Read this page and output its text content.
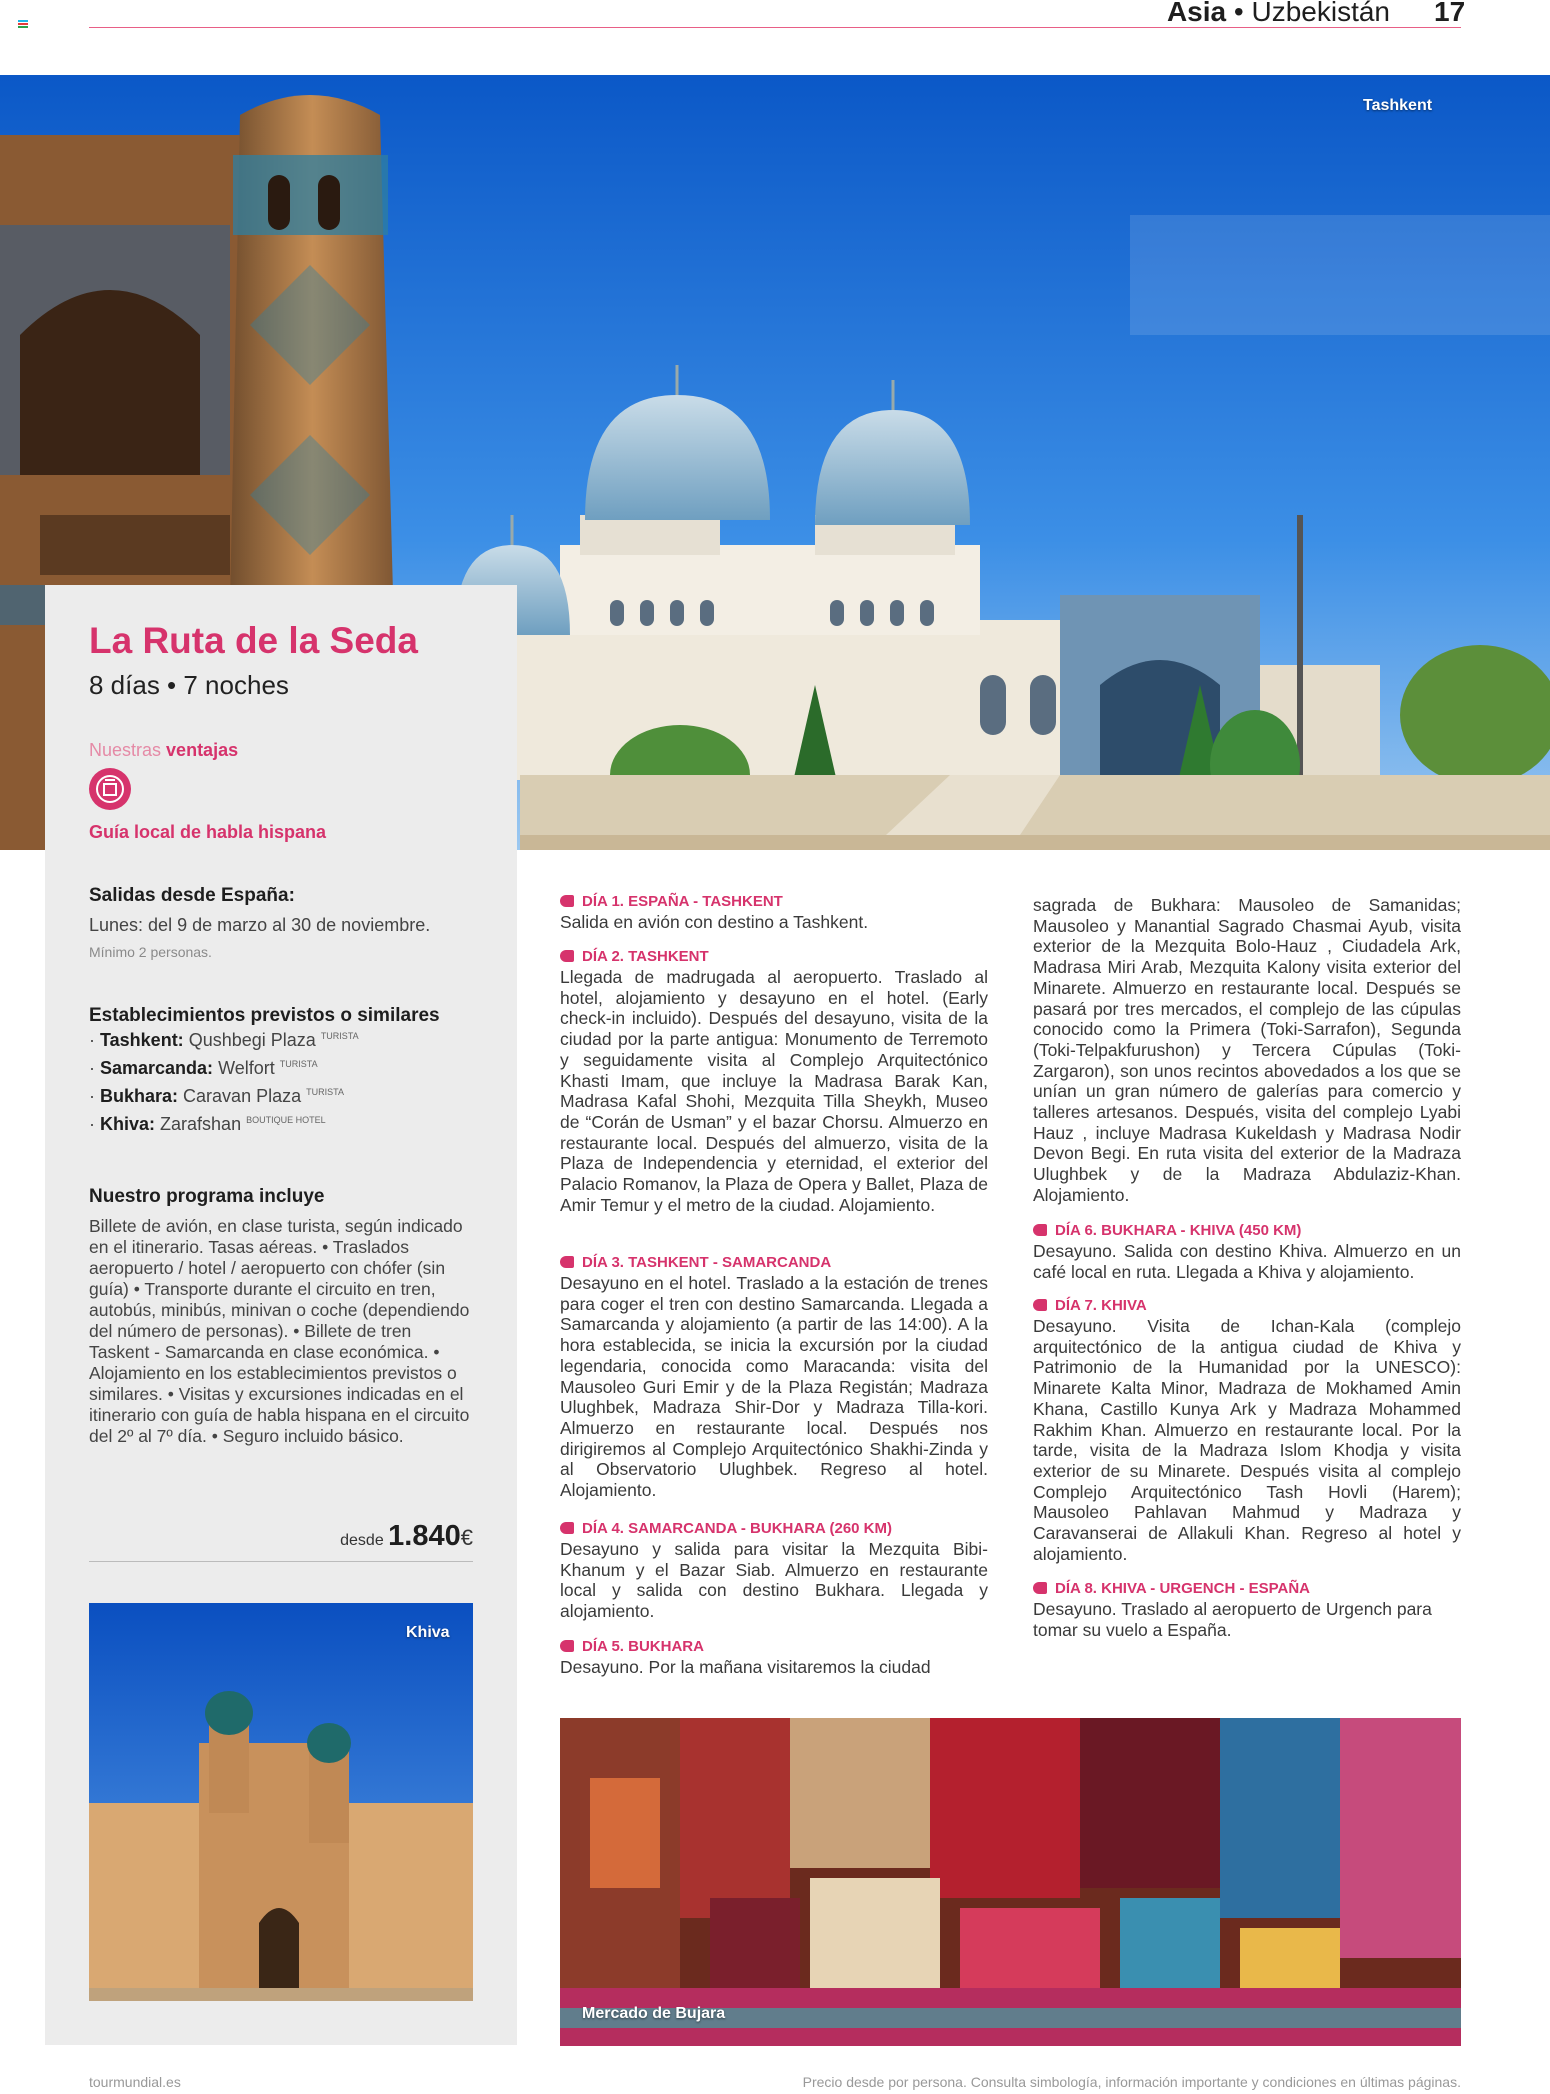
Asia • Uzbekistán 17
Tashkent
La Ruta de la Seda
8 días • 7 noches
Nuestras ventajas
Guía local de habla hispana
Salidas desde España:
Lunes: del 9 de marzo al 30 de noviembre.
Mínimo 2 personas.
Establecimientos previstos o similares
· Tashkent: Qushbegi Plaza $^{TURISTA}$
· Samarcanda: Welfort $^{TURISTA}$
· Bukhara: Caravan Plaza $^{TURISTA}$
· Khiva: Zarafshan $^{BOUTIQUE HOTEL}$
Nuestro programa incluye
Billete de avión, en clase turista, según indicado en el itinerario. Tasas aéreas. • Traslados aeropuerto / hotel / aeropuerto con chófer (sin guía) • Transporte durante el circuito en tren, autobús, minibús, minivan o coche (dependiendo del número de personas). • Billete de tren Taskent - Samarcanda en clase económica. • Alojamiento en los establecimientos previstos o similares. • Visitas y excursiones indicadas en el itinerario con guía de habla hispana en el circuito del 2º al 7º día. • Seguro incluido básico.
desde 1.840€
Khiva
DÍA 1. ESPAÑA - TASHKENT
Salida en avión con destino a Tashkent.
DÍA 2. TASHKENT
Llegada de madrugada al aeropuerto. Traslado al hotel, alojamiento y desayuno en el hotel. (Early check-in incluido). Después del desayuno, visita de la ciudad por la parte antigua: Monumento de Terremoto y seguidamente visita al Complejo Arquitectónico Khasti Imam, que incluye la Madrasa Barak Kan, Madrasa Kafal Shohi, Mezquita Tilla Sheykh, Museo de “Corán de Usman” y el bazar Chorsu. Almuerzo en restaurante local. Después del almuerzo, visita de la Plaza de Independencia y eternidad, el exterior del Palacio Romanov, la Plaza de Opera y Ballet, Plaza de Amir Temur y el metro de la ciudad. Alojamiento.
DÍA 3. TASHKENT - SAMARCANDA
Desayuno en el hotel. Traslado a la estación de trenes para coger el tren con destino Samarcanda. Llegada a Samarcanda y alojamiento (a partir de las 14:00). A la hora establecida, se inicia la excursión por la ciudad legendaria, conocida como Maracanda: visita del Mausoleo Guri Emir y de la Plaza Registán; Madraza Ulughbek, Madraza Shir-Dor y Madraza Tilla-kori. Almuerzo en restaurante local. Después nos dirigiremos al Complejo Arquitectónico Shakhi-Zinda y al Observatorio Ulughbek. Regreso al hotel. Alojamiento.
DÍA 4. SAMARCANDA - BUKHARA (260 KM)
Desayuno y salida para visitar la Mezquita Bibi-Khanum y el Bazar Siab. Almuerzo en restaurante local y salida con destino Bukhara. Llegada y alojamiento.
DÍA 5. BUKHARA
Desayuno. Por la mañana visitaremos la ciudad
sagrada de Bukhara: Mausoleo de Samanidas; Mausoleo y Manantial Sagrado Chasmai Ayub, visita exterior de la Mezquita Bolo-Hauz , Ciudadela Ark, Madrasa Miri Arab, Mezquita Kalony visita exterior del Minarete. Almuerzo en restaurante local. Después se pasará por tres mercados, el complejo de las cúpulas conocido como la Primera (Toki-Sarrafon), Segunda (Toki-Telpakfurushon) y Tercera Cúpulas (Toki-Zargaron), son unos recintos abovedados a los que se unían un gran número de galerías para comercio y talleres artesanos. Después, visita del complejo Lyabi Hauz , incluye Madrasa Kukeldash y Madrasa Nodir Devon Begi. En ruta visita del exterior de la Madraza Ulughbek y de la Madraza Abdulaziz-Khan. Alojamiento.
DÍA 6. BUKHARA - KHIVA (450 KM)
Desayuno. Salida con destino Khiva. Almuerzo en un café local en ruta. Llegada a Khiva y alojamiento.
DÍA 7. KHIVA
Desayuno. Visita de Ichan-Kala (complejo arquitectónico de la antigua ciudad de Khiva y Patrimonio de la Humanidad por la UNESCO): Minarete Kalta Minor, Madraza de Mokhamed Amin Khana, Castillo Kunya Ark y Madraza Mohammed Rakhim Khan. Almuerzo en restaurante local. Por la tarde, visita de la Madraza Islom Khodja y visita exterior de su Minarete. Después visita al complejo Complejo Arquitectónico Tash Hovli (Harem); Mausoleo Pahlavan Mahmud y Madraza y Caravanserai de Allakuli Khan. Regreso al hotel y alojamiento.
DÍA 8. KHIVA - URGENCH - ESPAÑA
Desayuno. Traslado al aeropuerto de Urgench para tomar su vuelo a España.
Mercado de Bujara
tourmundial.es	Precio desde por persona. Consulta simbología, información importante y condiciones en últimas páginas.
